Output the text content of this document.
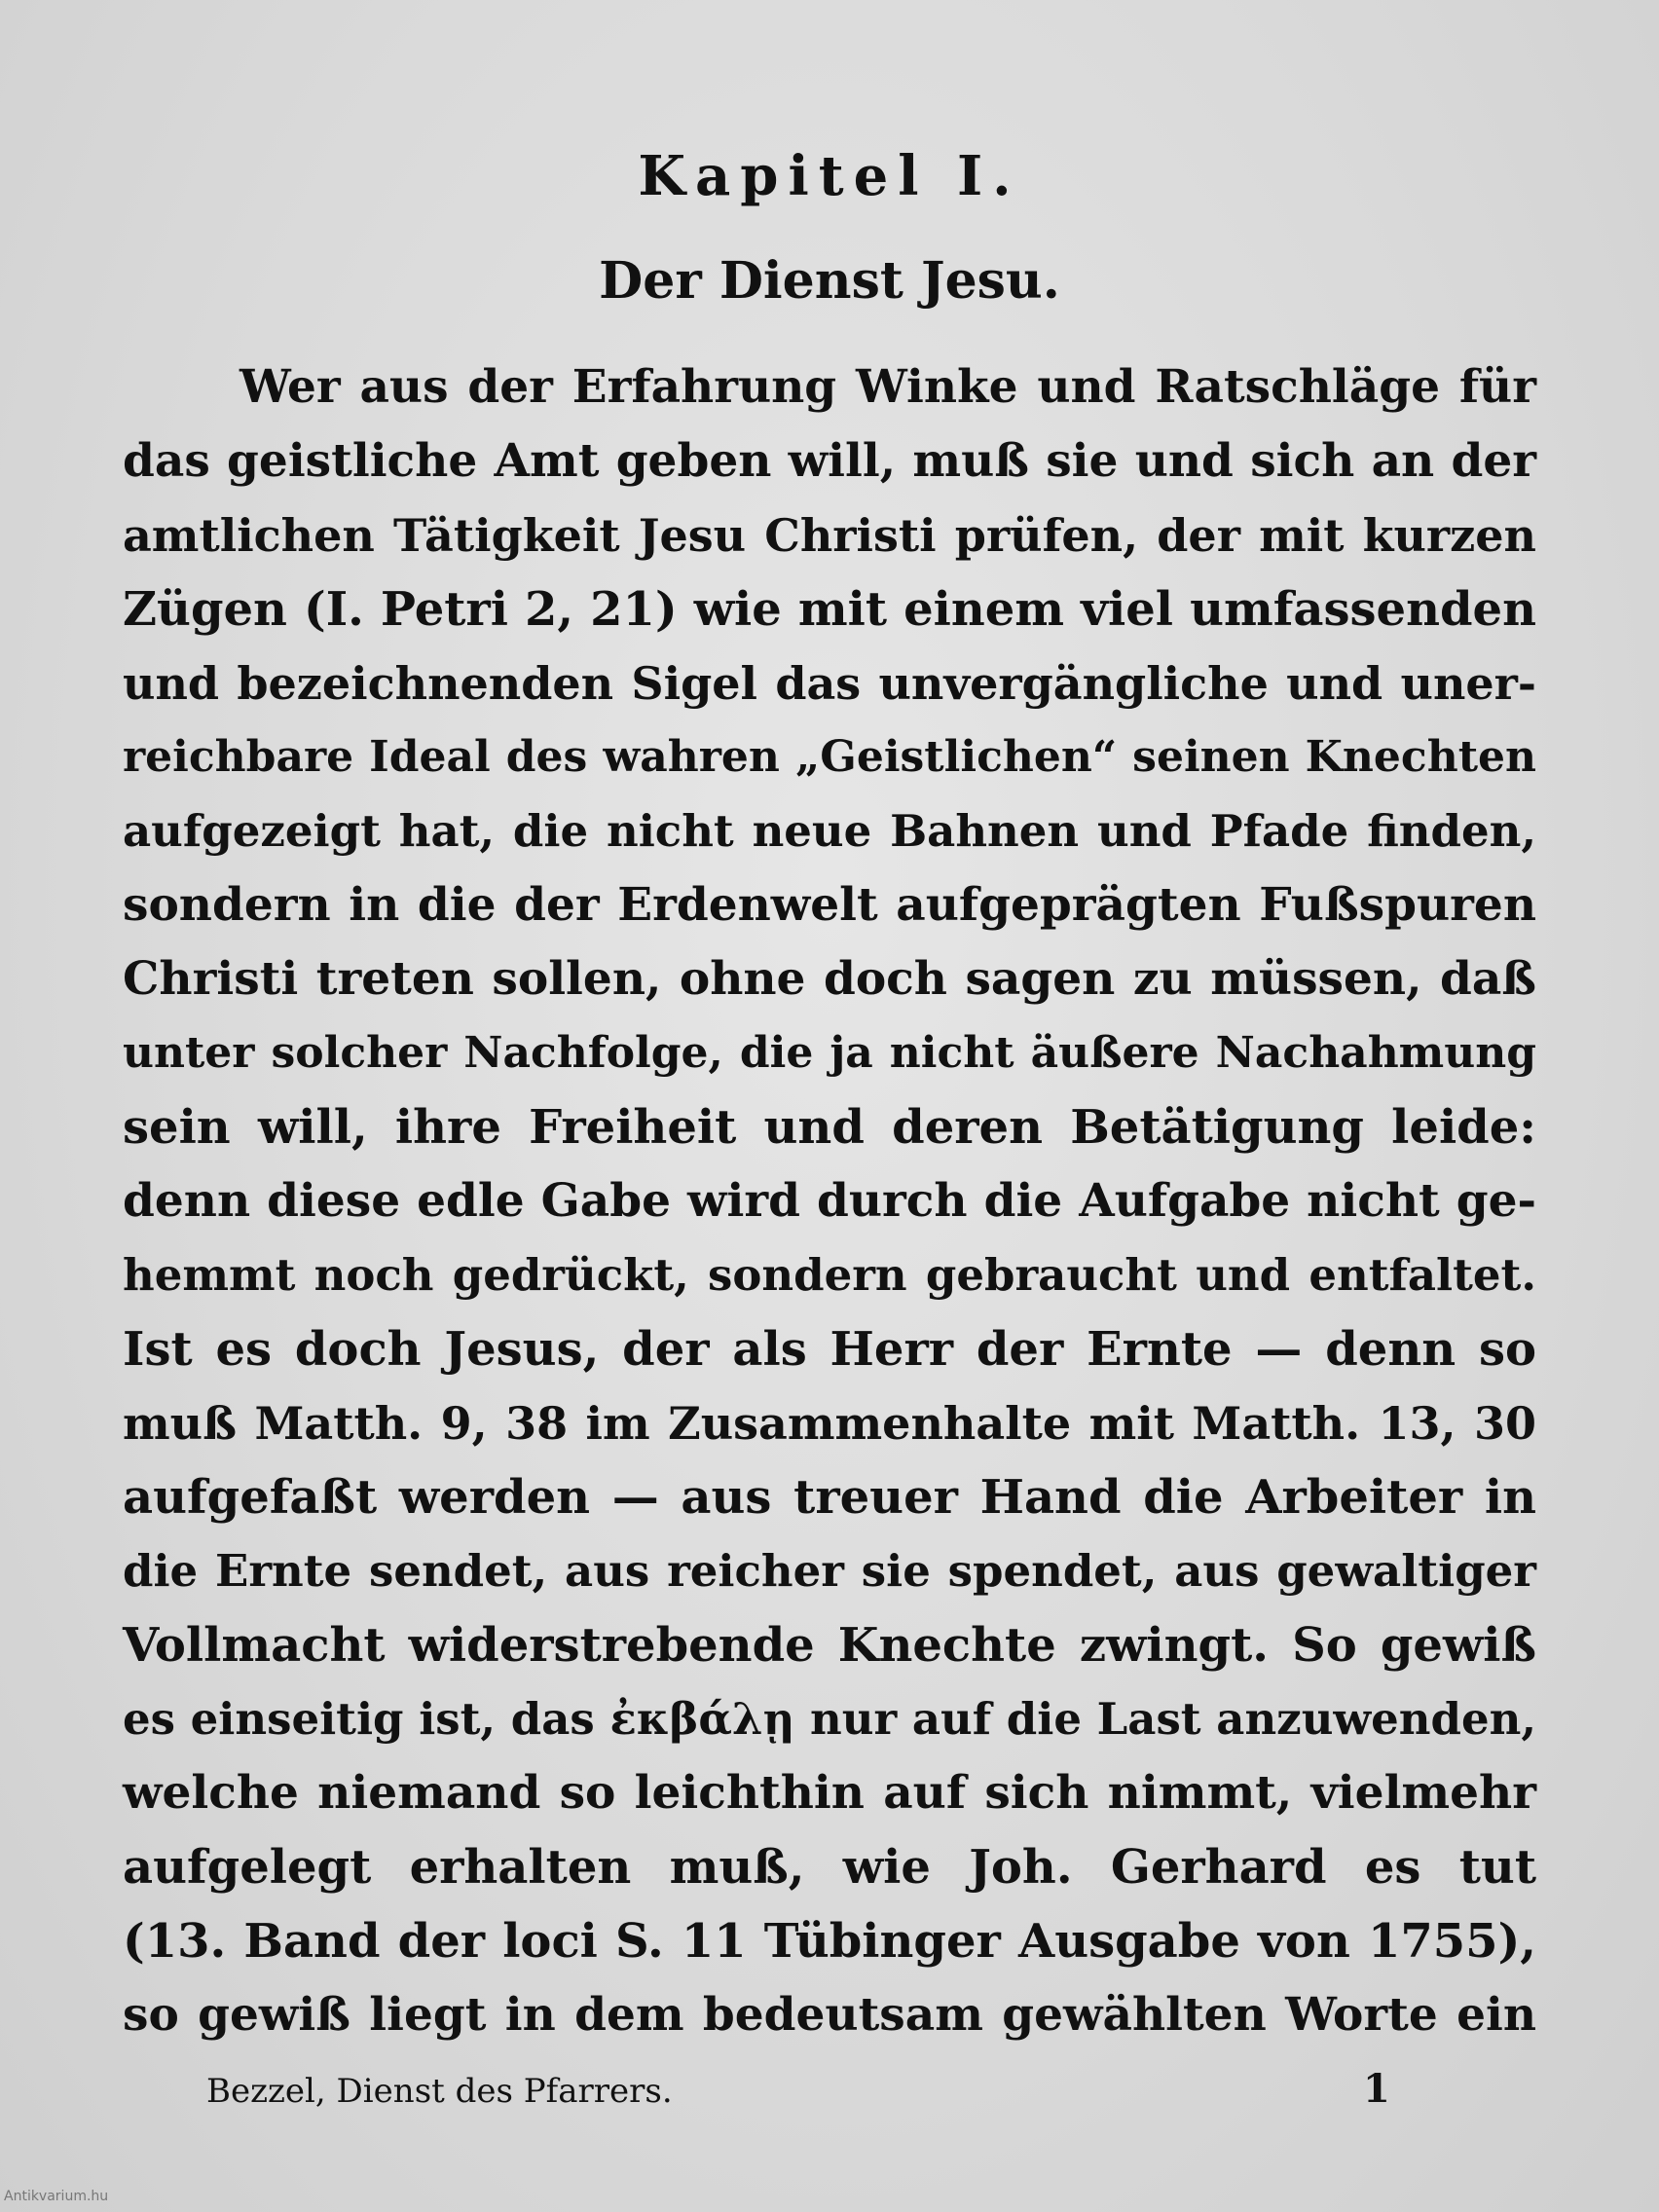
Kapitel I.
Der Dienst Jesu.
Wer aus der Erfahrung Winke und Ratschläge für
das geistliche Amt geben will, muß sie und sich an der
amtlichen Tätigkeit Jesu Christi prüfen, der mit kurzen
Zügen (I. Petri 2, 21) wie mit einem viel umfassenden
und bezeichnenden Sigel das unvergängliche und uner-
reichbare Ideal des wahren „Geistlichen“ seinen Knechten
aufgezeigt hat, die nicht neue Bahnen und Pfade finden,
sondern in die der Erdenwelt aufgeprägten Fußspuren
Christi treten sollen, ohne doch sagen zu müssen, daß
unter solcher Nachfolge, die ja nicht äußere Nachahmung
sein will, ihre Freiheit und deren Betätigung leide:
denn diese edle Gabe wird durch die Aufgabe nicht ge-
hemmt noch gedrückt, sondern gebraucht und entfaltet.
Ist es doch Jesus, der als Herr der Ernte — denn so
muß Matth. 9, 38 im Zusammenhalte mit Matth. 13, 30
aufgefaßt werden — aus treuer Hand die Arbeiter in
die Ernte sendet, aus reicher sie spendet, aus gewaltiger
Vollmacht widerstrebende Knechte zwingt. So gewiß
es einseitig ist, das ἐκβάλῃ nur auf die Last anzuwenden,
welche niemand so leichthin auf sich nimmt, vielmehr
aufgelegt erhalten muß, wie Joh. Gerhard es tut
(13. Band der loci S. 11 Tübinger Ausgabe von 1755),
so gewiß liegt in dem bedeutsam gewählten Worte ein
Bezzel, Dienst des Pfarrers.	1
Antikvarium.hu
